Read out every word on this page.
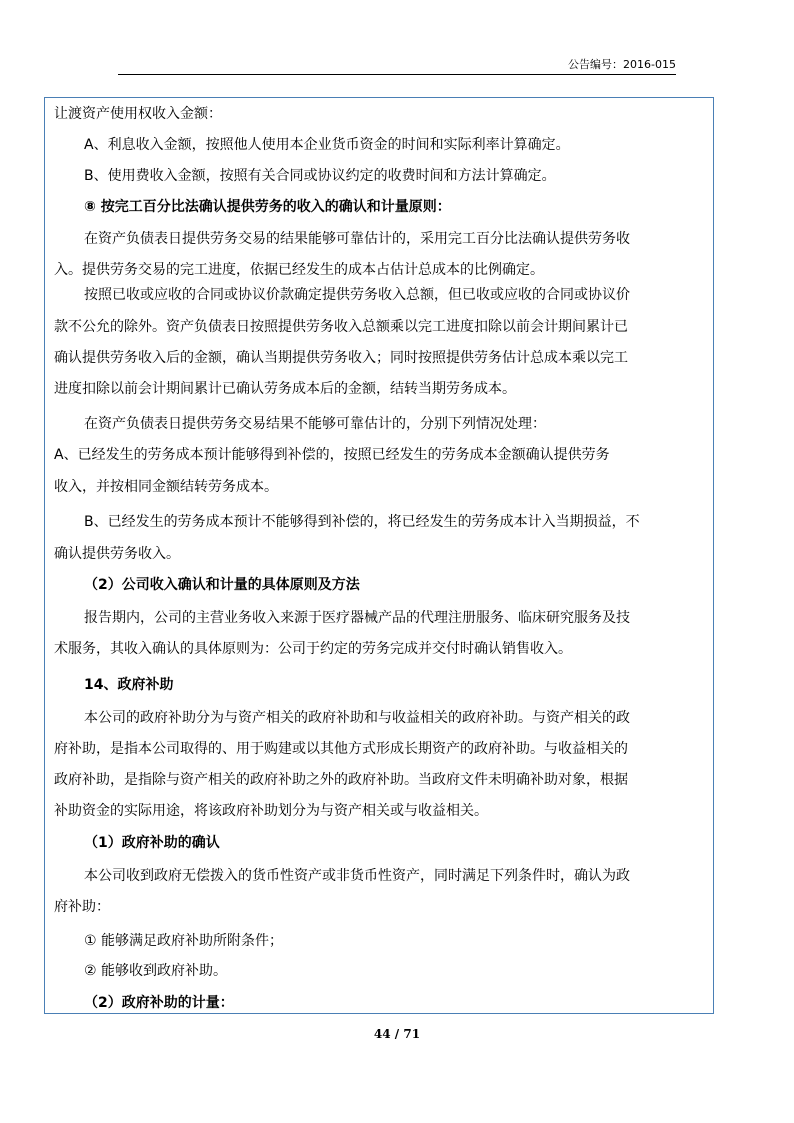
公告编号：2016-015
让渡资产使用权收入金额：
A、利息收入金额，按照他人使用本企业货币资金的时间和实际利率计算确定。
B、使用费收入金额，按照有关合同或协议约定的收费时间和方法计算确定。
⑧ 按完工百分比法确认提供劳务的收入的确认和计量原则：
在资产负债表日提供劳务交易的结果能够可靠估计的，采用完工百分比法确认提供劳务收
入。提供劳务交易的完工进度，依据已经发生的成本占估计总成本的比例确定。
按照已收或应收的合同或协议价款确定提供劳务收入总额，但已收或应收的合同或协议价
款不公允的除外。资产负债表日按照提供劳务收入总额乘以完工进度扣除以前会计期间累计已
确认提供劳务收入后的金额，确认当期提供劳务收入；同时按照提供劳务估计总成本乘以完工
进度扣除以前会计期间累计已确认劳务成本后的金额，结转当期劳务成本。
在资产负债表日提供劳务交易结果不能够可靠估计的，分别下列情况处理：
A、已经发生的劳务成本预计能够得到补偿的，按照已经发生的劳务成本金额确认提供劳务
收入，并按相同金额结转劳务成本。
B、已经发生的劳务成本预计不能够得到补偿的，将已经发生的劳务成本计入当期损益，不
确认提供劳务收入。
（2）公司收入确认和计量的具体原则及方法
报告期内，公司的主营业务收入来源于医疗器械产品的代理注册服务、临床研究服务及技
术服务，其收入确认的具体原则为：公司于约定的劳务完成并交付时确认销售收入。
14、政府补助
本公司的政府补助分为与资产相关的政府补助和与收益相关的政府补助。与资产相关的政
府补助，是指本公司取得的、用于购建或以其他方式形成长期资产的政府补助。与收益相关的
政府补助，是指除与资产相关的政府补助之外的政府补助。当政府文件未明确补助对象，根据
补助资金的实际用途，将该政府补助划分为与资产相关或与收益相关。
（1）政府补助的确认
本公司收到政府无偿拨入的货币性资产或非货币性资产，同时满足下列条件时，确认为政
府补助：
① 能够满足政府补助所附条件；
② 能够收到政府补助。
（2）政府补助的计量：
44 / 71
